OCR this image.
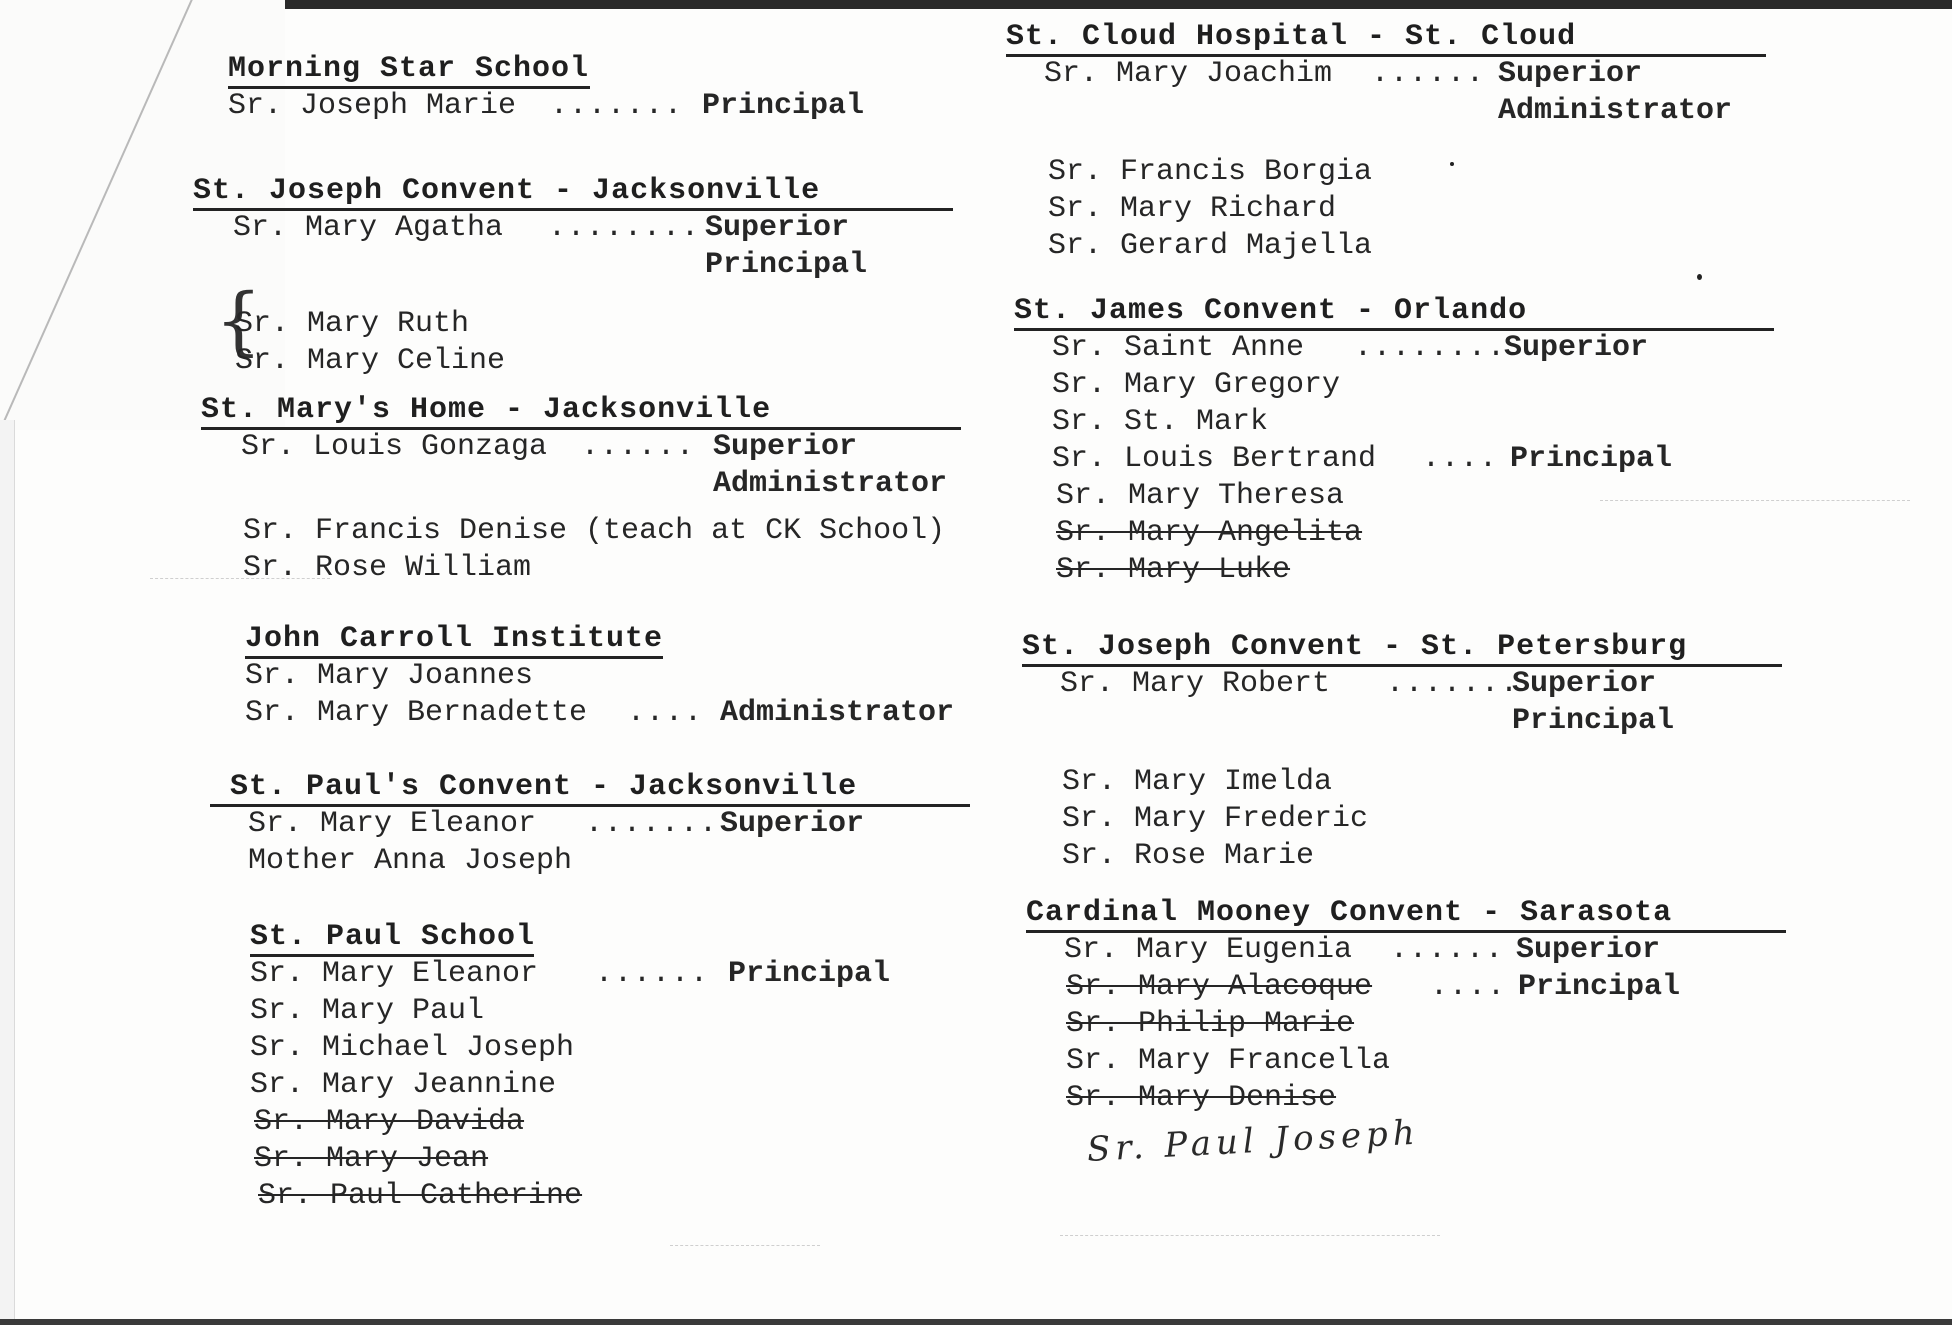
Morning Star School
Sr. Joseph Marie ....... Principal
St. Joseph Convent - Jacksonville
Sr. Mary Agatha ........ Superior
Principal
{
Sr. Mary Ruth
Sr. Mary Celine
St. Mary's Home - Jacksonville
Sr. Louis Gonzaga ...... Superior
Administrator
Sr. Francis Denise (teach at CK School)
Sr. Rose William
John Carroll Institute
Sr. Mary Joannes
Sr. Mary Bernadette .... Administrator
St. Paul's Convent - Jacksonville
Sr. Mary Eleanor ....... Superior
Mother Anna Joseph
St. Paul School
Sr. Mary Eleanor ...... Principal
Sr. Mary Paul
Sr. Michael Joseph
Sr. Mary Jeannine
Sr. Mary Davida
Sr. Mary Jean
Sr. Paul Catherine
St. Cloud Hospital - St. Cloud
Sr. Mary Joachim ...... Superior
Administrator
Sr. Francis Borgia
Sr. Mary Richard
Sr. Gerard Majella
St. James Convent - Orlando
Sr. Saint Anne ........
Superior
Sr. Mary Gregory
Sr. St. Mark
Sr. Louis Bertrand .... Principal
Sr. Mary Theresa
Sr. Mary Angelita
Sr. Mary Luke
St. Joseph Convent - St. Petersburg
Sr. Mary Robert .......
Superior
Principal
Sr. Mary Imelda
Sr. Mary Frederic
Sr. Rose Marie
Cardinal Mooney Convent - Sarasota
Sr. Mary Eugenia ...... Superior
Sr. Mary Alacoque .... Principal
Sr. Philip Marie
Sr. Mary Francella
Sr. Mary Denise
Sr. Paul Joseph
